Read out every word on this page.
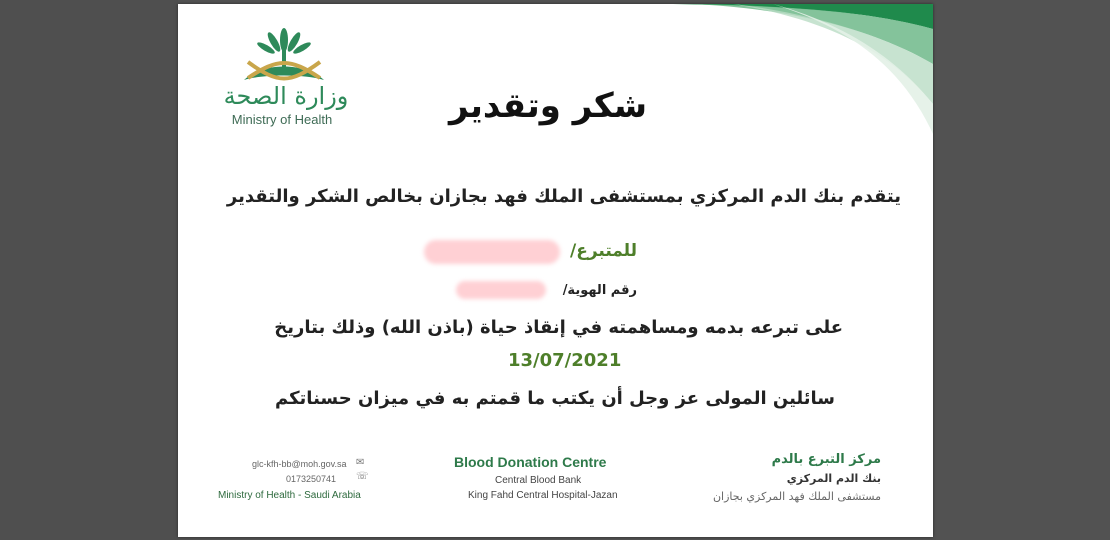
وزارة الصحة
Ministry of Health	شكر وتقدير
يتقدم بنك الدم المركزي بمستشفى الملك فهد بجازان بخالص الشكر والتقدير
للمتبرع/
رقم الهوية/
على تبرعه بدمه ومساهمته في إنقاذ حياة (باذن الله) وذلك بتاريخ
13/07/2021
سائلين المولى عز وجل أن يكتب ما قمتم به في ميزان حسناتكم
✉
☏
glc-kfh-bb@moh.gov.sa
0173250741
Ministry of Health - Saudi Arabia
Blood Donation Centre
Central Blood Bank
King Fahd Central Hospital-Jazan
مركز التبرع بالدم
بنك الدم المركزي
مستشفى الملك فهد المركزي بجازان
